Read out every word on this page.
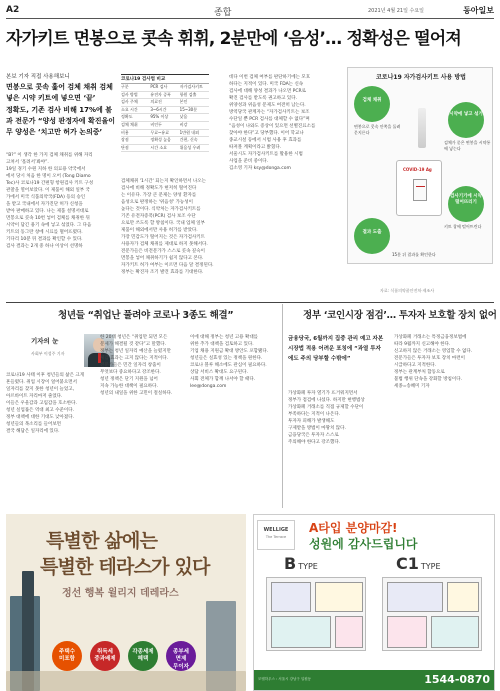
A2	종합	2021년 4월 21일 수요일	동아일보
자가키트 면봉으로 콧속 휘휘, 2분만에 ‘음성’… 정확성은 떨어져
본보 기자 직접 사용해보니
면봉으로 콧속 훑어 검체 채취 검체 넣은 시약 키트에 넣으면 ‘끝’
정확도, 기존 검사 비해 17%에 불과 전문가 “양성 판정자에 확진율이 무 양성은 ‘치고만 허가 논의중’
“B?” 이 생각 한 가지 검체 채취를 위해 자리
고쳐서 ‘흘려서’봐야”.
19일 경기 수원 지하 한 의료용 약국에서
에서 당시 처음 한 명이 오어 (Tong Diamo
Tec)사 코로나19 간편형 항원검사 키트 구성
관찰을 열어보았다. 이 제품이 해외 일부 국
가에서 미국 식품의약국(FDA) 등의 승인
을 받고 국내에서 자가진단 허가 신청을
받아 판매하고 있다. 나는 제품 설명서대로
면봉으로 콧속 10번 넣어 검체를 채취한 뒤
시약이 담긴 용기 속에 넣고 섞었다. 그 다음
키트의 동그란 창에 시료를 떨어뜨렸다.
기다리 10분 뒤 결과를 확인할 수 있다.
검사 결과는 2개 중 하나 이상이 선명하
코로나19 검사법 비교
구분	PCR 검사	자가검사키트
검사 방법	유전자 증폭	항원 검출
검사 주체	의료진	본인
소요 시간	3~6시간	15~30분
정확도	95% 이상	낮음
검체 채취	비인두	비강
비용	무료~유료	1만원 내외
장점	정확성 높음	간편, 신속
단점	시간 소요	위음성 우려
검체채취 '1시간' 되는지 확인하면서 나오는
검사에 비해 정확도가 현저히 떨어진다
는 이유다. 가장 큰 문제는 양성 환자를
음성으로 판정하는 '위음성' 가능성이
높다는 것이다. 식약처는 자가검사키트를
기존 유전자증폭(PCR) 검사 보조 수단
으로만 쓰도록 할 방침이다. 국내 업체 일부
제품이 해외에서만 사용 허가를 받았다.
가장 민감도가 떨어지는 것은 자가검사키트
사용자가 검체 채취를 제대로 하지 못해서다.
전문가들은 비전문가가 스스로 콧속 깊숙이
면봉을 넣어 채취하기가 쉽지 않다고 본다.
자가키트 허가 여부는 이르면 다음 달 결정된다.
정부는 확진자 조기 발견 효과를 기대한다.
데다 이번 검체 여부를 판단하기에는 모호
하다는 지적이 있다. 미국 FDA는 신속
검사에 대해 양성 결과가 나오면 PCR로
확진 검사를 받도록 권고하고 있다.
위양성과 위음성 문제도 여전히 남는다.
방역당국 관계자는 “자가검사키트는 보조
수단일 뿐 PCR 검사를 대체할 수 없다”며
“음성이 나와도 증상이 있으면 선별진료소를
찾아야 한다”고 당부했다. 이어 학교나
종교시설 등에서 시범 사용 후 효과를
따져볼 계획이라고 밝혔다.
서울시도 자가검사키트를 활용한 시범
사업을 준비 중이다.
김소영 기자 ksy@donga.com
코로나19 자가검사키트 사용 방법
검체 채취
면봉으로 콧속 안쪽을 돌려 문지른다
시약에 넣고 섞기
검체가 묻은 면봉을 시약통에 넣는다
검사기기에 시약 떨어뜨리기
키트 창에 떨어뜨린다
결과 도출
15분 뒤 결과를 확인한다
COVID-19 Ag
자료: 식품의약품안전처·제조사
청년들 “취업난 풀려야 코로나 3종도 해결”
기자의 눈
사회부 이성주 기자
코로나19 사태 이후 청년들의 삶은 크게
흔들렸다. 취업 시장이 얼어붙으면서
일자리를 찾지 못한 청년이 늘었고,
아르바이트 자리마저 줄었다.
이들은 우울감과 고립감을 호소한다.
청년 실업률은 역대 최고 수준이다.
정부 대책에 대한 기대도 낮아졌다.
청년들의 목소리를 들어보면
결국 해답은 일자리에 있다.
한 20대 청년은 “취업만 되면 모든
문제가 해결될 것 같다”고 말했다.
정부는 청년 일자리 예산을 늘렸지만
체감 효과는 크지 않다는 지적이다.
전문가들은 민간 일자리 창출이
무엇보다 중요하다고 강조한다.
청년 정책은 단기 지원을 넘어
지속 가능한 대책이 필요하다.
청년의 내일을 위한 고민이 절실하다.
이에 대해 정부는 청년 고용 확대를
위한 추가 대책을 검토하고 있다.
기업 채용 지원금 확대 방안도 포함됐다.
청년들은 실효성 있는 정책을 원한다.
코로나 블루 해소에도 관심이 필요하다.
상담 서비스 확대도 요구된다.
사회 전체가 함께 나서야 할 때다.
lee@donga.com
정부 ‘코인시장 점검’… 투자자 보호할 장치 없어
금융당국, 6월까지 집중 관리 예고 자본시장법 적용 어려운 포칭에 “과열 투자에도 주의 당부할 수밖에”
가상화폐 투자 열기가 뜨거워지면서
정부가 점검에 나섰다. 하지만 현행법상
가상화폐 거래소를 직접 규제할 수단이
부족하다는 지적이 나온다.
투자자 피해가 발생해도
구제받을 방법이 마땅치 않다.
금융당국은 투자자 스스로
주의해야 한다고 강조했다.
가상화폐 거래소는 특정금융정보법에
따라 9월까지 신고해야 한다.
신고하지 않은 거래소는 영업할 수 없다.
전문가들은 투자자 보호 장치 마련이
시급하다고 지적한다.
정부는 관계부처 합동으로
불법 행위 단속을 강화할 방침이다.
세종=송혜미 기자
특별한 삶에는
특별한 테라스가 있다
정선 행복 윌리지 데레라스
주택수
미포함
취득세
중과배제
각종세제
혜택
종부세
면제
무이자
WELLIGE
The Terrace
A타입 분양마감!
성원에 감사드립니다
BTYPE	C1 TYPE
모델하우스 : 서울시 강남구 일원동	1544-0870
